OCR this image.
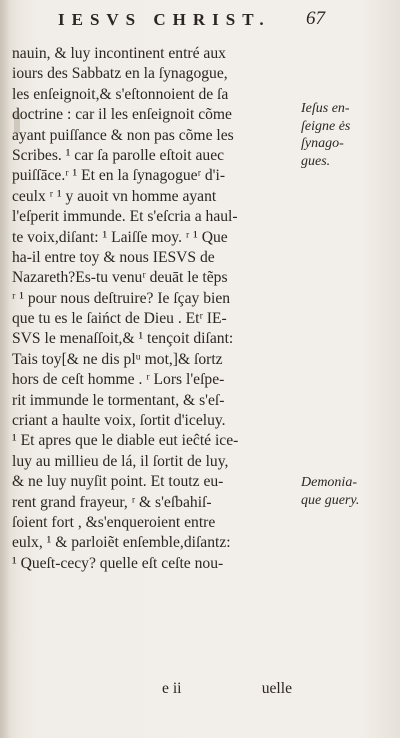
IESVS CHRIST. 67
nauin, & luy incontinent entré aux
iours des Sabbatz en la ſynagogue,
les enſeignoit,& s'eſtonnoient de ſa
doctrine : car il les enſeignoit cõme
ayant puiſſance & non pas cõme les
Scribes. ¹ car ſa parolle eſtoit auec
puiſſāce.ʳ ¹ Et en la ſynagogueʳ d'i-
ceulx ʳ ¹ y auoit vn homme ayant
l'eſperit immunde. Et s'eſcria a haul-
te voix,diſant: ¹ Laiſſe moy. ʳ ¹ Que
ha-il entre toy & nous IESVS de
Nazareth?Es-tu venuʳ deuāt le tẽps
ʳ ¹ pour nous deſtruire? Ie ſçay bien
que tu es le ſaińct de Dieu . Etʳ IE-
SVS le menaſſoit,& ¹ tençoit diſant:
Tais toy[& ne dis plᵘ mot,]& ſortz
hors de ceſt homme . ʳ Lors l'eſpe-
rit immunde le tormentant, & s'eſ-
criant a haulte voix, ſortit d'iceluy.
¹ Et apres que le diable eut ieĉté ice-
luy au millieu de lá, il ſortit de luy,
& ne luy nuyſit point. Et toutz eu-
rent grand frayeur, ʳ & s'eſbahiſ-
ſoient fort , &s'enqueroient entre
eulx, ¹ & parloiẽt enſemble,diſantz:
¹ Queſt-cecy? quelle eſt ceſte nou-
Ieſus en-
ſeigne ės
ſynago-
gues.
Demonia-
que guery.
e ii	uelle
